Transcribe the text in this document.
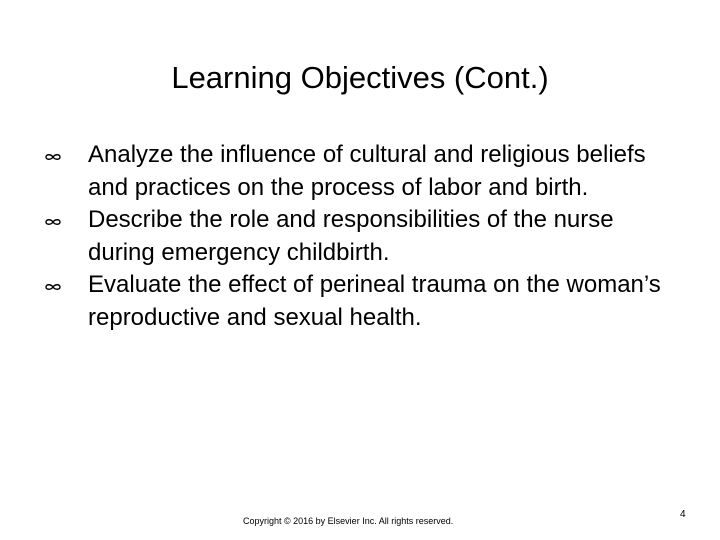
Learning Objectives (Cont.)
Analyze the influence of cultural and religious beliefs and practices on the process of labor and birth.
Describe the role and responsibilities of the nurse during emergency childbirth.
Evaluate the effect of perineal trauma on the woman’s reproductive and sexual health.
Copyright © 2016 by Elsevier Inc. All rights reserved.
4
